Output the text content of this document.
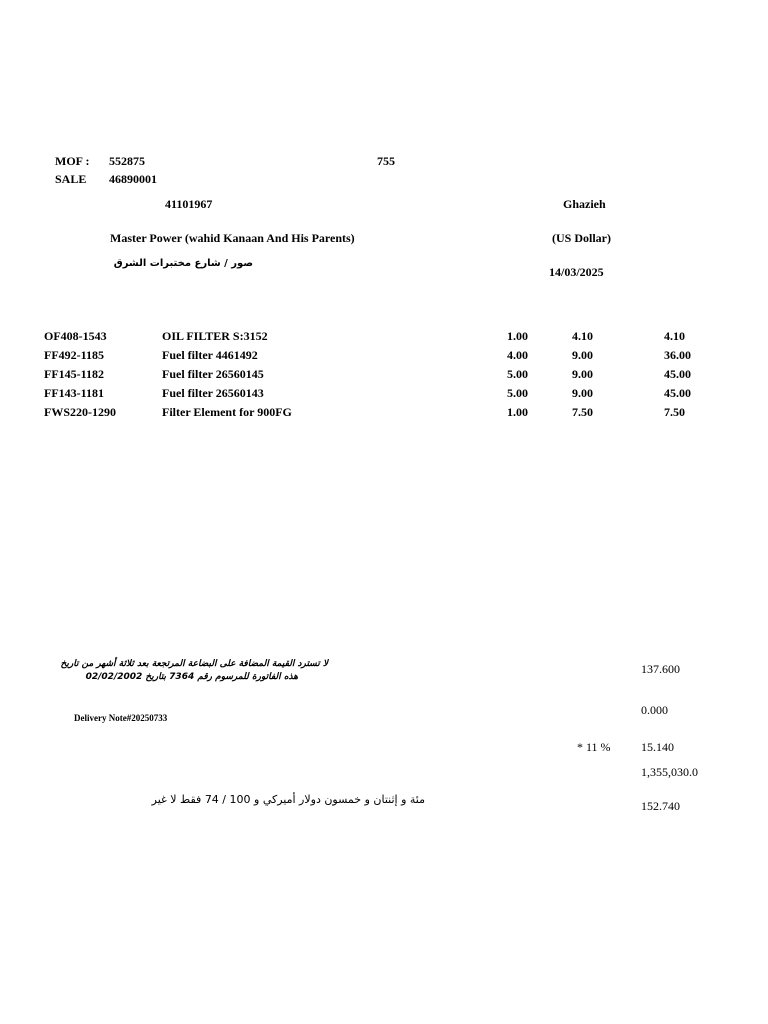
MOF : 552875	755
SALE 46890001
41101967	Ghazieh
Master Power (wahid Kanaan And His Parents)	(US Dollar)
صور / شارع مختبرات الشرق
14/03/2025
OF408-1543	OIL FILTER S:3152	1.00	4.10	4.10
FF492-1185	Fuel filter 4461492	4.00	9.00	36.00
FF145-1182	Fuel filter 26560145	5.00	9.00	45.00
FF143-1181	Fuel filter 26560143	5.00	9.00	45.00
FWS220-1290	Filter Element for 900FG	1.00	7.50	7.50
لا تسترد القيمة المضافة على البضاعة المرتجعة بعد ثلاثة أشهر من تاريخ
هذه الفاتورة للمرسوم رقم 7364 بتاريخ 02/02/2002
137.600
0.000
Delivery Note#20250733
* 11 %	15.140
1,355,030.0
مئة و إثنتان و خمسون دولار أميركي و 100 / 74 فقط لا غير	152.740
